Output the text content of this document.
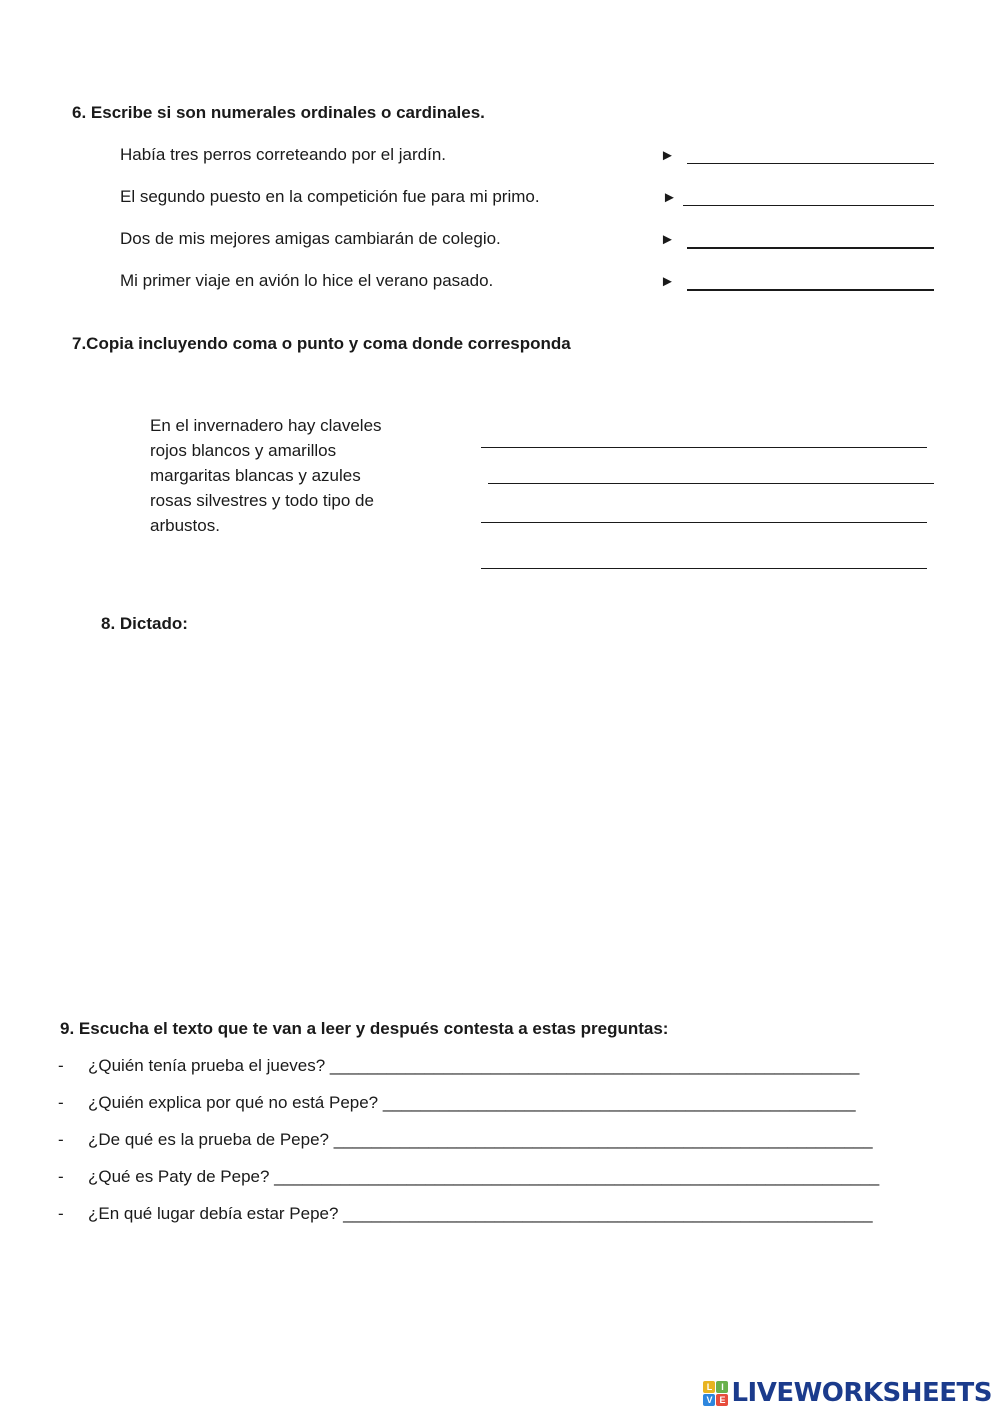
6. Escribe si son numerales ordinales o cardinales.
Había tres perros correteando por el jardín.	►
El segundo puesto en la competición fue para mi primo.	►
Dos de mis mejores amigas cambiarán de colegio.	►
Mi primer viaje en avión lo hice el verano pasado.	►
7.Copia incluyendo coma o punto y coma donde corresponda
En el invernadero hay claveles
rojos blancos y amarillos
margaritas blancas y azules
rosas silvestres y todo tipo de
arbustos.
8. Dictado:
9. Escucha el texto que te van a leer y después contesta a estas preguntas:
- ¿Quién tenía prueba el jueves? ________________________________________________________
- ¿Quién explica por qué no está Pepe? __________________________________________________
- ¿De qué es la prueba de Pepe? _________________________________________________________
- ¿Qué es Paty de Pepe? ________________________________________________________________
- ¿En qué lugar debía estar Pepe? ________________________________________________________
L I
V E LIVEWORKSHEETS
